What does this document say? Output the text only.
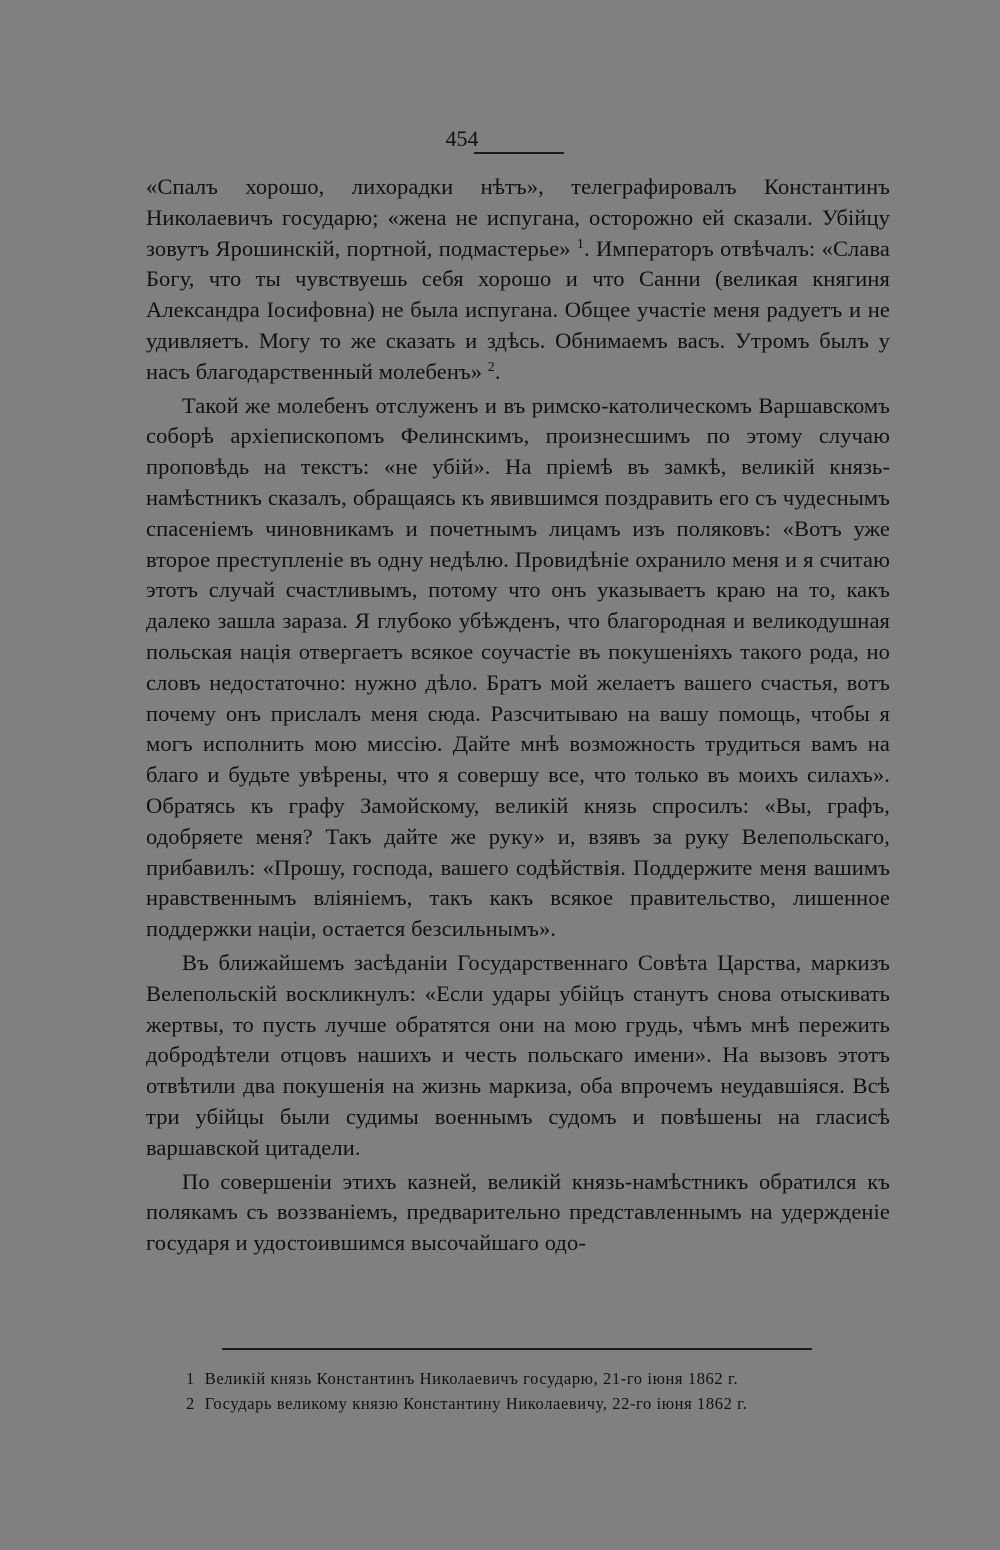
454

«Спалъ хорошо, лихорадки нѣтъ», телеграфировалъ Константинъ Николаевичъ государю; «жена не испугана, осторожно ей сказали. Убійцу зовутъ Ярошинскій, портной, подмастерье» $^1$. Императоръ отвѣчалъ: «Слава Богу, что ты чувствуешь себя хорошо и что Санни (великая княгиня Александра Іосифовна) не была испугана. Общее участіе меня радуетъ и не удивляетъ. Могу то же сказать и здѣсь. Обнимаемъ васъ. Утромъ былъ у насъ благодарственный молебенъ» $^2$.

Такой же молебенъ отслуженъ и въ римско-католическомъ Варшавскомъ соборѣ архіепископомъ Фелинскимъ, произнесшимъ по этому случаю проповѣдь на текстъ: «не убій». На пріемѣ въ замкѣ, великій князь-намѣстникъ сказалъ, обращаясь къ явившимся поздравить его съ чудеснымъ спасеніемъ чиновникамъ и почетнымъ лицамъ изъ поляковъ: «Вотъ уже второе преступленіе въ одну недѣлю. Провидѣніе охранило меня и я считаю этотъ случай счастливымъ, потому что онъ указываетъ краю на то, какъ далеко зашла зараза. Я глубоко убѣжденъ, что благородная и великодушная польская нація отвергаетъ всякое соучастіе въ покушеніяхъ такого рода, но словъ недостаточно: нужно дѣло. Братъ мой желаетъ вашего счастья, вотъ почему онъ прислалъ меня сюда. Разсчитываю на вашу помощь, чтобы я могъ исполнить мою миссію. Дайте мнѣ возможность трудиться вамъ на благо и будьте увѣрены, что я совершу все, что только въ моихъ силахъ». Обратясь къ графу Замойскому, великій князь спросилъ: «Вы, графъ, одобряете меня? Такъ дайте же руку» и, взявъ за руку Велепольскаго, прибавилъ: «Прошу, господа, вашего содѣйствія. Поддержите меня вашимъ нравственнымъ вліяніемъ, такъ какъ всякое правительство, лишенное поддержки націи, остается безсильнымъ».

Въ ближайшемъ засѣданіи Государственнаго Совѣта Царства, маркизъ Велепольскій воскликнулъ: «Если удары убійцъ станутъ снова отыскивать жертвы, то пусть лучше обратятся они на мою грудь, чѣмъ мнѣ пережить добродѣтели отцовъ нашихъ и честь польскаго имени». На вызовъ этотъ отвѣтили два покушенія на жизнь маркиза, оба впрочемъ неудавшіяся. Всѣ три убійцы были судимы военнымъ судомъ и повѣшены на гласисѣ варшавской цитадели.

По совершеніи этихъ казней, великій князь-намѣстникъ обратился къ полякамъ съ воззваніемъ, предварительно представленнымъ на удержденіе государя и удостоившимся высочайшаго одо-

1 Великій князь Константинъ Николаевичъ государю, 21-го іюня 1862 г.
2 Государь великому князю Константину Николаевичу, 22-го іюня 1862 г.
